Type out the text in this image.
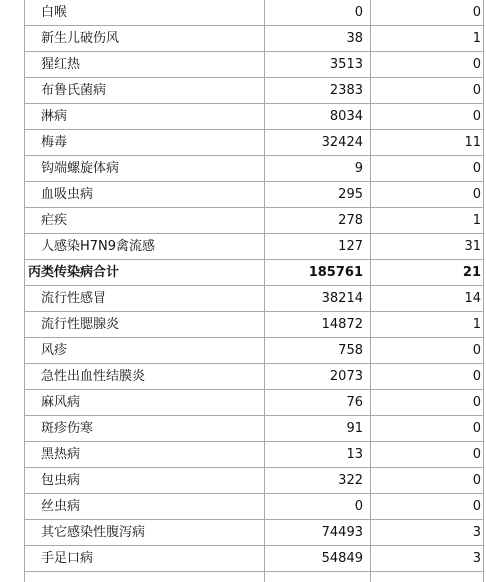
白喉	0	0
新生儿破伤风	38	1
猩红热	3513	0
布鲁氏菌病	2383	0
淋病	8034	0
梅毒	32424	11
钩端螺旋体病	9	0
血吸虫病	295	0
疟疾	278	1
人感染H7N9禽流感	127	31
丙类传染病合计	185761	21
流行性感冒	38214	14
流行性腮腺炎	14872	1
风疹	758	0
急性出血性结膜炎	2073	0
麻风病	76	0
斑疹伤寒	91	0
黑热病	13	0
包虫病	322	0
丝虫病	0	0
其它感染性腹泻病	74493	3
手足口病	54849	3
